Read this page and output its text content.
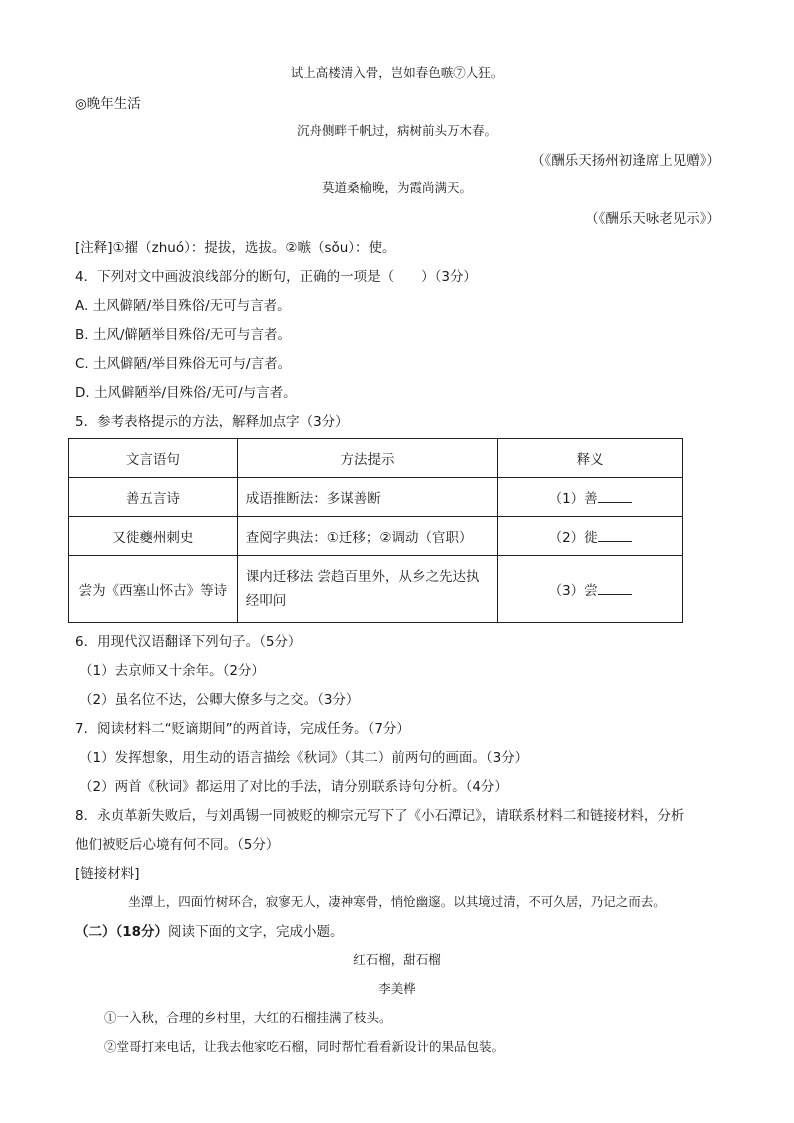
试上高楼清入骨，岂如春色嗾⑦人狂。
◎晚年生活
沉舟侧畔千帆过，病树前头万木春。
（《酬乐天扬州初逢席上见赠》）
莫道桑榆晚，为霞尚满天。
（《酬乐天咏老见示》）
[注释]①擢（zhuó）：提拔，选拔。②嗾（sǒu）：使。
4．下列对文中画波浪线部分的断句，正确的一项是（　　）（3分）
A. 土风僻陋/举目殊俗/无可与言者。
B. 土风/僻陋举目殊俗/无可与言者。
C. 土风僻陋/举目殊俗无可与/言者。
D. 土风僻陋举/目殊俗/无可/与言者。
5．参考表格提示的方法，解释加点字（3分）
文言语句	方法提示	释义
善五言诗	成语推断法：多谋善断	（1）善
又徙夔州刺史	查阅字典法：①迁移；②调动（官职）	（2）徙
尝为《西塞山怀古》等诗	课内迁移法 尝趋百里外，从乡之先达执经叩问	（3）尝
6．用现代汉语翻译下列句子。（5分）
（1）去京师又十余年。（2分）
（2）虽名位不达，公卿大僚多与之交。（3分）
7．阅读材料二“贬谪期间”的两首诗，完成任务。（7分）
（1）发挥想象，用生动的语言描绘《秋词》（其二）前两句的画面。（3分）
（2）两首《秋词》都运用了对比的手法，请分别联系诗句分析。（4分）
8．永贞革新失败后，与刘禹锡一同被贬的柳宗元写下了《小石潭记》，请联系材料二和链接材料，分析
他们被贬后心境有何不同。（5分）
[链接材料]
坐潭上，四面竹树环合，寂寥无人，凄神寒骨，悄怆幽邃。以其境过清，不可久居，乃记之而去。
（二）（18分）阅读下面的文字，完成小题。
红石榴，甜石榴
李美桦
①一入秋，合理的乡村里，大红的石榴挂满了枝头。
②堂哥打来电话，让我去他家吃石榴，同时帮忙看看新设计的果品包装。
